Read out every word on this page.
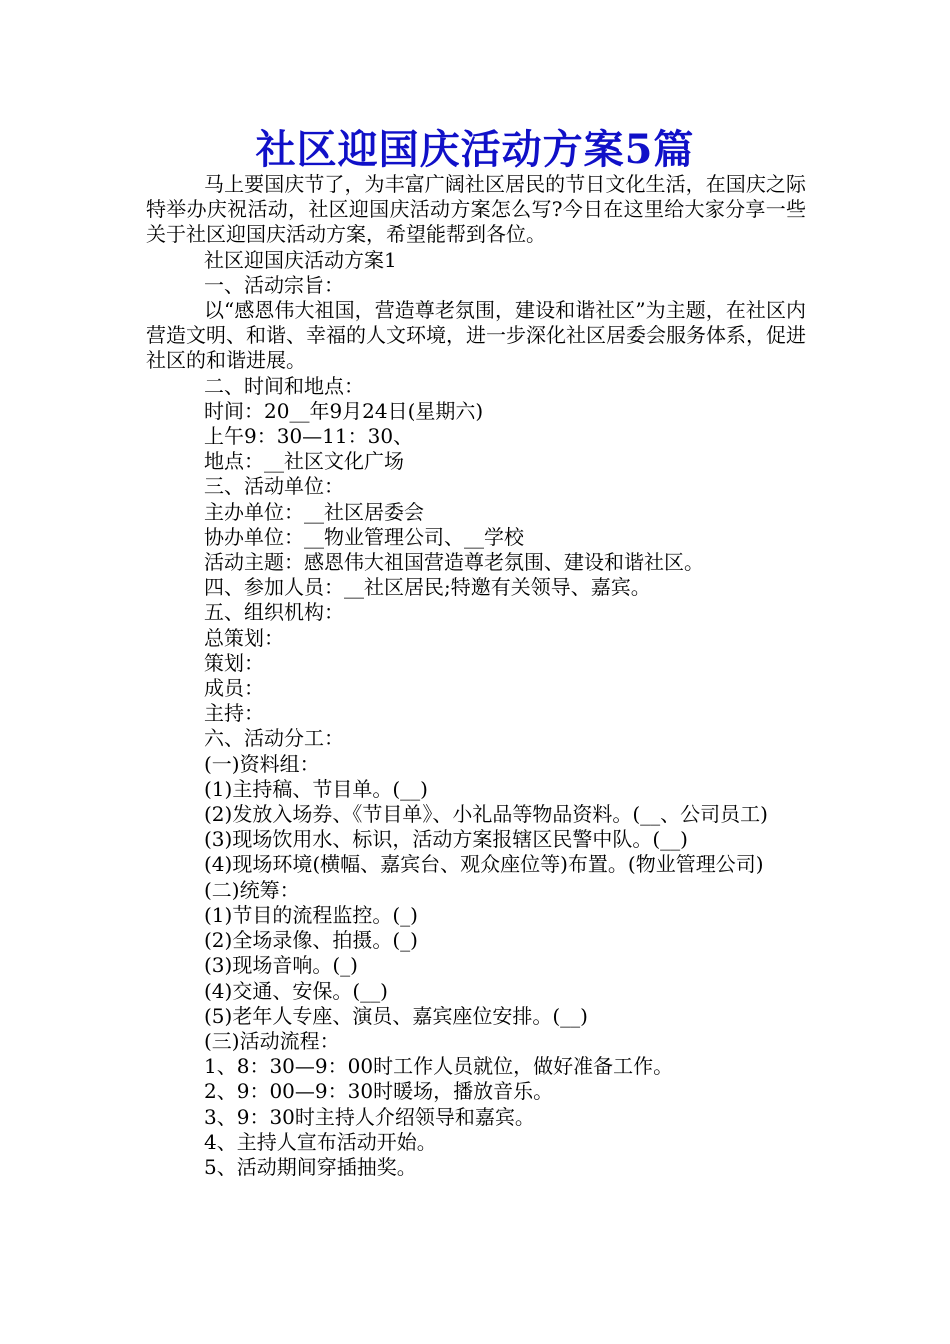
社区迎国庆活动方案5篇

马上要国庆节了，为丰富广阔社区居民的节日文化生活，在国庆之际特举办庆祝活动，社区迎国庆活动方案怎么写?今日在这里给大家分享一些关于社区迎国庆活动方案，希望能帮到各位。

社区迎国庆活动方案1

一、活动宗旨：

以“感恩伟大祖国，营造尊老氛围，建设和谐社区”为主题，在社区内营造文明、和谐、幸福的人文环境，进一步深化社区居委会服务体系，促进社区的和谐进展。

二、时间和地点：

时间：20__年9月24日(星期六)

上午9：30—11：30、

地点：__社区文化广场

三、活动单位：

主办单位：__社区居委会

协办单位：__物业管理公司、__学校

活动主题：感恩伟大祖国营造尊老氛围、建设和谐社区。

四、参加人员：__社区居民;特邀有关领导、嘉宾。

五、组织机构：

总策划：

策划：

成员：

主持：

六、活动分工：

(一)资料组：

(1)主持稿、节目单。(__)

(2)发放入场券、《节目单》、小礼品等物品资料。(__、公司员工)

(3)现场饮用水、标识，活动方案报辖区民警中队。(__)

(4)现场环境(横幅、嘉宾台、观众座位等)布置。(物业管理公司)

(二)统筹：

(1)节目的流程监控。(_)

(2)全场录像、拍摄。(_)

(3)现场音响。(_)

(4)交通、安保。(__)

(5)老年人专座、演员、嘉宾座位安排。(__)

(三)活动流程：

1、8：30—9：00时工作人员就位，做好准备工作。

2、9：00—9：30时暖场，播放音乐。

3、9：30时主持人介绍领导和嘉宾。

4、主持人宣布活动开始。

5、活动期间穿插抽奖。
